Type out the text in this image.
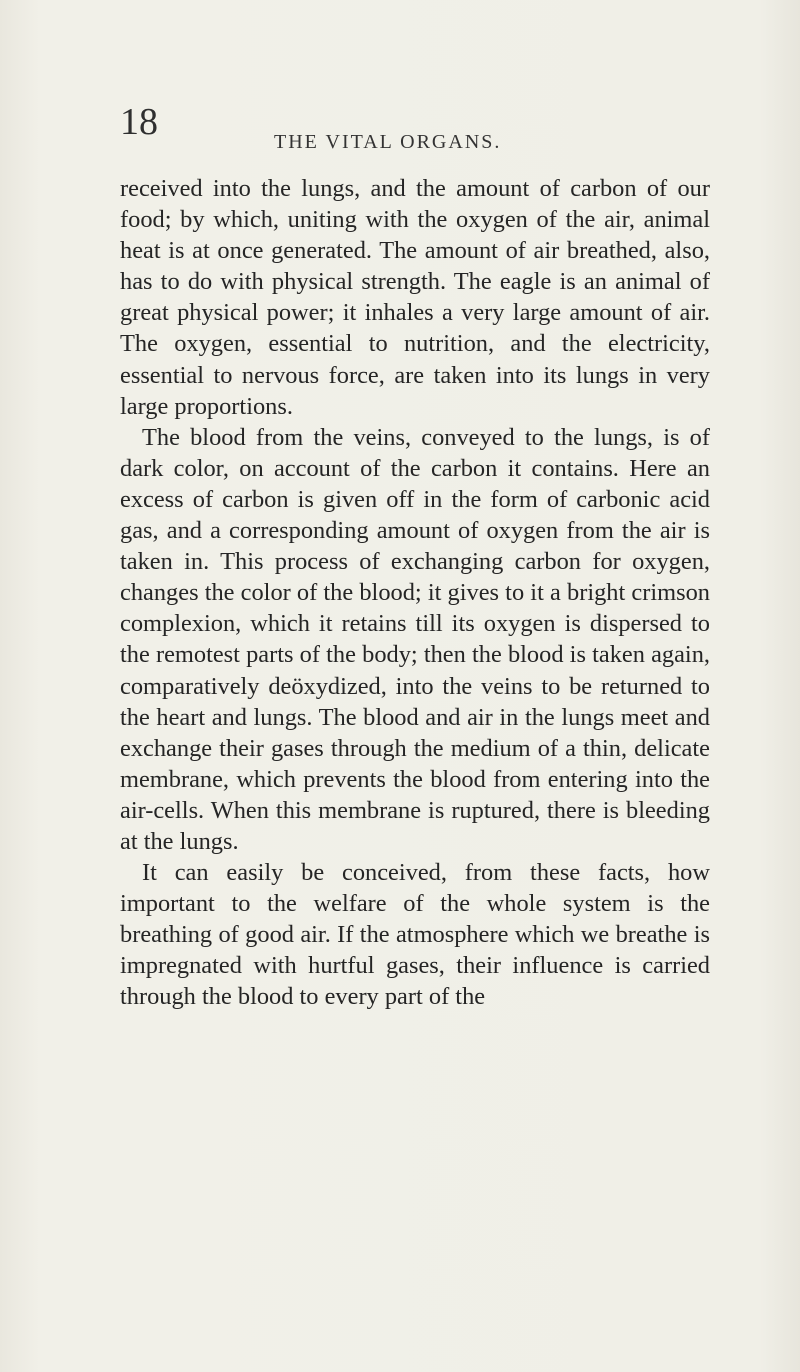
18	THE VITAL ORGANS.

received into the lungs, and the amount of carbon of our food; by which, uniting with the oxygen of the air, animal heat is at once generated. The amount of air breathed, also, has to do with physical strength. The eagle is an animal of great physical power; it inhales a very large amount of air. The oxygen, essential to nutrition, and the electricity, essential to nervous force, are taken into its lungs in very large proportions.

The blood from the veins, conveyed to the lungs, is of dark color, on account of the carbon it contains. Here an excess of carbon is given off in the form of carbonic acid gas, and a corresponding amount of oxygen from the air is taken in. This process of exchanging carbon for oxygen, changes the color of the blood; it gives to it a bright crimson complexion, which it retains till its oxygen is dispersed to the remotest parts of the body; then the blood is taken again, comparatively deöxydized, into the veins to be returned to the heart and lungs. The blood and air in the lungs meet and exchange their gases through the medium of a thin, delicate membrane, which prevents the blood from entering into the air-cells. When this membrane is ruptured, there is bleeding at the lungs.

It can easily be conceived, from these facts, how important to the welfare of the whole system is the breathing of good air. If the atmosphere which we breathe is impregnated with hurtful gases, their influence is carried through the blood to every part of the
